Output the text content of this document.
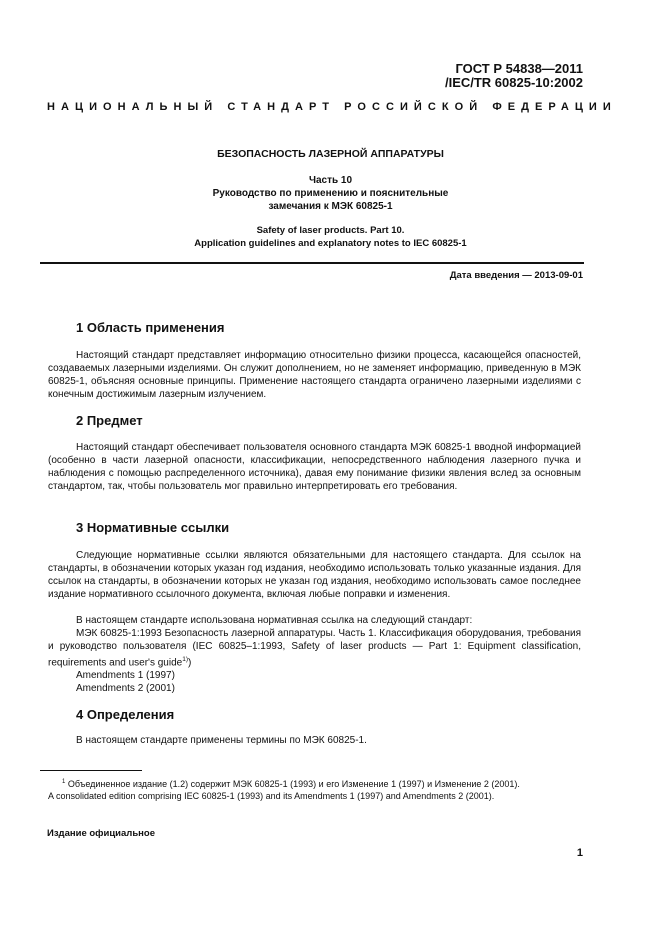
ГОСТ Р 54838—2011
/IEC/TR 60825-10:2002
НАЦИОНАЛЬНЫЙ СТАНДАРТ РОССИЙСКОЙ ФЕДЕРАЦИИ
БЕЗОПАСНОСТЬ ЛАЗЕРНОЙ АППАРАТУРЫ
Часть 10
Руководство по применению и пояснительные
замечания к МЭК 60825-1
Safety of laser products. Part 10.
Application guidelines and explanatory notes to IEC 60825-1
Дата введения — 2013-09-01
1 Область применения
Настоящий стандарт представляет информацию относительно физики процесса, касающейся опасностей, создаваемых лазерными изделиями. Он служит дополнением, но не заменяет информацию, приведенную в МЭК 60825-1, объясняя основные принципы. Применение настоящего стандарта ограничено лазерными изделиями с конечным достижимым лазерным излучением.
2 Предмет
Настоящий стандарт обеспечивает пользователя основного стандарта МЭК 60825-1 вводной информацией (особенно в части лазерной опасности, классификации, непосредственного наблюдения лазерного пучка и наблюдения с помощью распределенного источника), давая ему понимание физики явления вслед за основным стандартом, так, чтобы пользователь мог правильно интерпретировать его требования.
3 Нормативные ссылки
Следующие нормативные ссылки являются обязательными для настоящего стандарта. Для ссылок на стандарты, в обозначении которых указан год издания, необходимо использовать только указанные издания. Для ссылок на стандарты, в обозначении которых не указан год издания, необходимо использовать самое последнее издание нормативного ссылочного документа, включая любые поправки и изменения.
В настоящем стандарте использована нормативная ссылка на следующий стандарт:
МЭК 60825-1:1993 Безопасность лазерной аппаратуры. Часть 1. Классификация оборудования, требования и руководство пользователя (IEC 60825–1:1993, Safety of laser products — Part 1: Equipment classification, requirements and user's guide$^{1)}$)
Amendments 1 (1997)
Amendments 2 (2001)
4 Определения
В настоящем стандарте применены термины по МЭК 60825-1.
$^1$ Объединенное издание (1.2) содержит МЭК 60825-1 (1993) и его Изменение 1 (1997) и Изменение 2 (2001).
A consolidated edition comprising IEC 60825-1 (1993) and its Amendments 1 (1997) and Amendments 2 (2001).
Издание официальное
1
